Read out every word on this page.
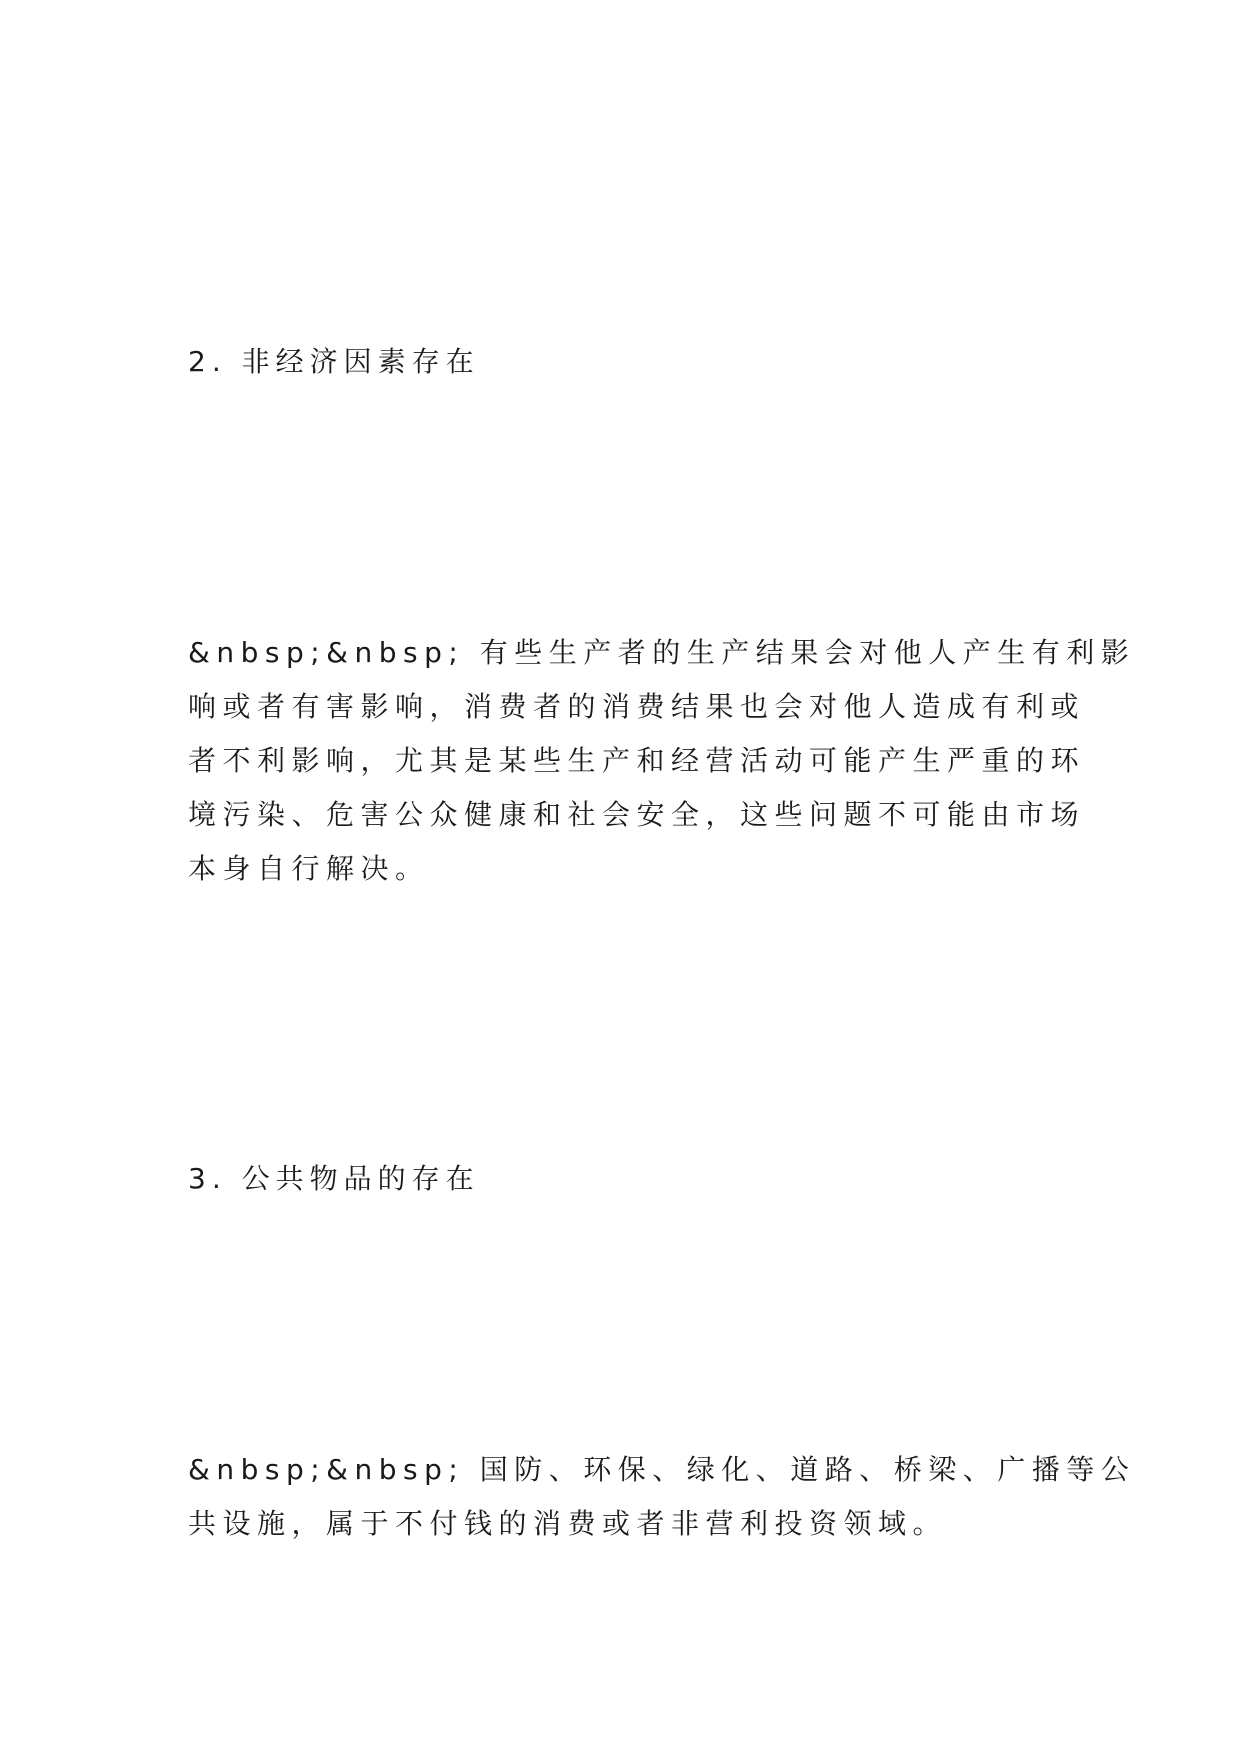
2. 非经济因素存在
&nbsp;&nbsp; 有些生产者的生产结果会对他人产生有利影
响或者有害影响，消费者的消费结果也会对他人造成有利或
者不利影响，尤其是某些生产和经营活动可能产生严重的环
境污染、危害公众健康和社会安全，这些问题不可能由市场
本身自行解决。
3. 公共物品的存在
&nbsp;&nbsp; 国防、环保、绿化、道路、桥梁、广播等公
共设施，属于不付钱的消费或者非营利投资领域。
